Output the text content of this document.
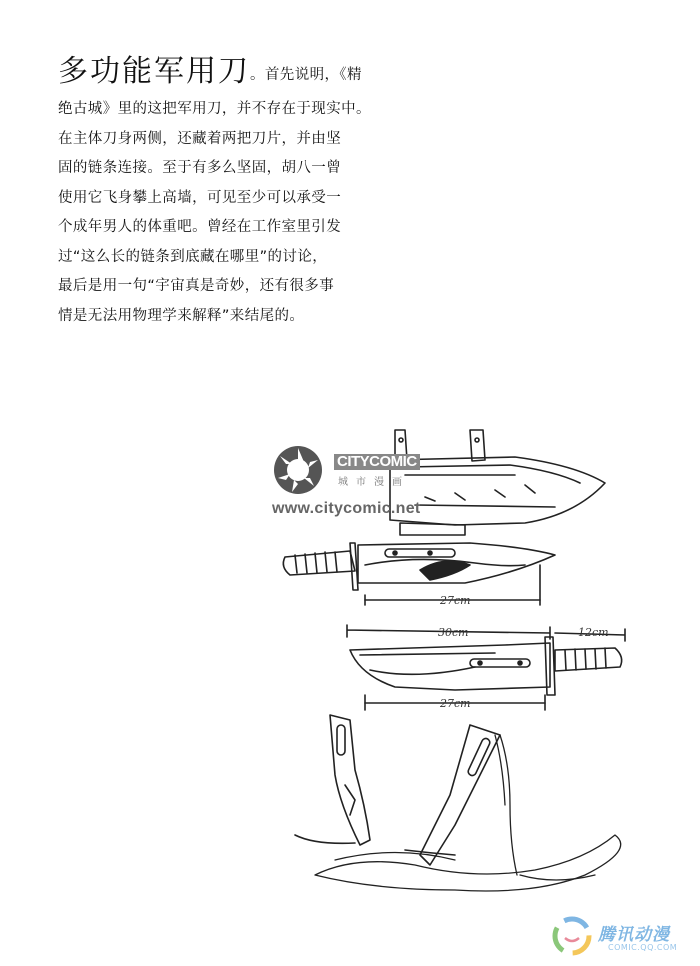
多功能军用刀。首先说明，《精
绝古城》里的这把军用刀，并不存在于现实中。
在主体刀身两侧，还藏着两把刀片，并由坚
固的链条连接。至于有多么坚固，胡八一曾
使用它飞身攀上高墙，可见至少可以承受一
个成年男人的体重吧。曾经在工作室里引发
过“这么长的链条到底藏在哪里”的讨论，
最后是用一句“宇宙真是奇妙，还有很多事
情是无法用物理学来解释”来结尾的。
27cm
30cm	12cm
27cm
CITYCOMIC
城市漫画
www.citycomic.net
腾讯动漫
COMIC.QQ.COM
